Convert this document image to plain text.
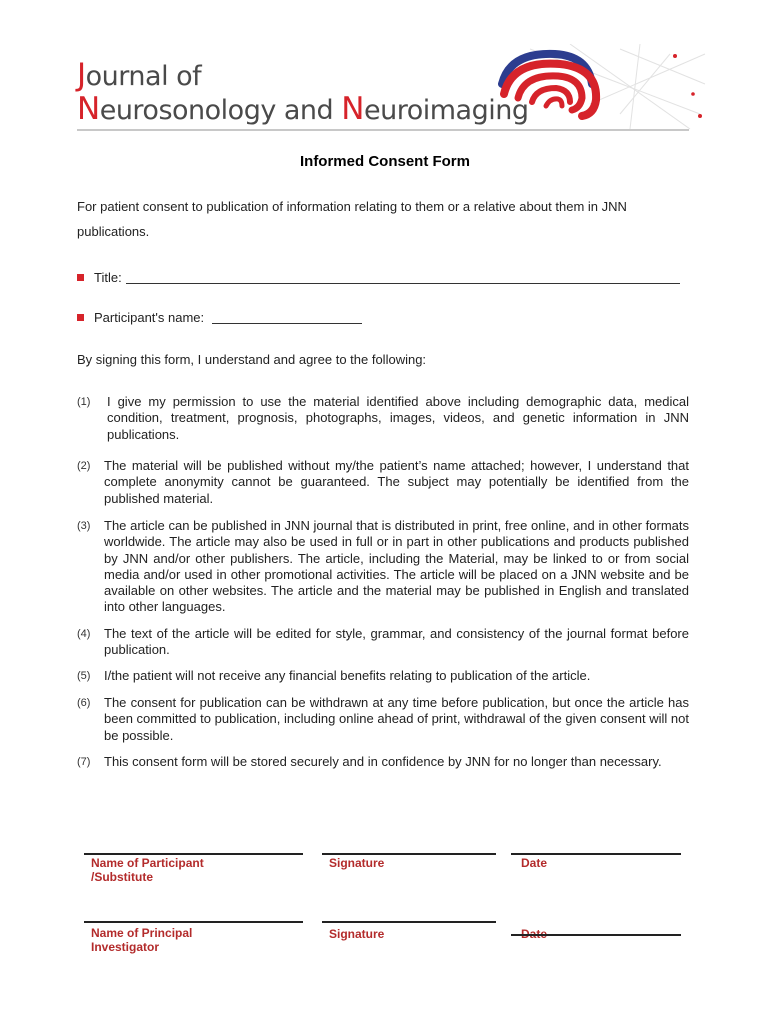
Journal of
Neurosonology and Neuroimaging
Informed Consent Form
For patient consent to publication of information relating to them or a relative about them in JNN publications.
Title:
Participant's name:
By signing this form, I understand and agree to the following:
(1) I give my permission to use the material identified above including demographic data, medical condition, treatment, prognosis, photographs, images, videos, and genetic information in JNN publications.
(2) The material will be published without my/the patient’s name attached; however, I understand that complete anonymity cannot be guaranteed. The subject may potentially be identified from the published material.
(3) The article can be published in JNN journal that is distributed in print, free online, and in other formats worldwide. The article may also be used in full or in part in other publications and products published by JNN and/or other publishers. The article, including the Material, may be linked to or from social media and/or used in other promotional activities. The article will be placed on a JNN website and be available on other websites. The article and the material may be published in English and translated into other languages.
(4) The text of the article will be edited for style, grammar, and consistency of the journal format before publication.
(5) I/the patient will not receive any financial benefits relating to publication of the article.
(6) The consent for publication can be withdrawn at any time before publication, but once the article has been committed to publication, including online ahead of print, withdrawal of the given consent will not be possible.
(7) This consent form will be stored securely and in confidence by JNN for no longer than necessary.
Name of Participant
/Substitute
Signature	Date
Name of Principal
Investigator
Signature
